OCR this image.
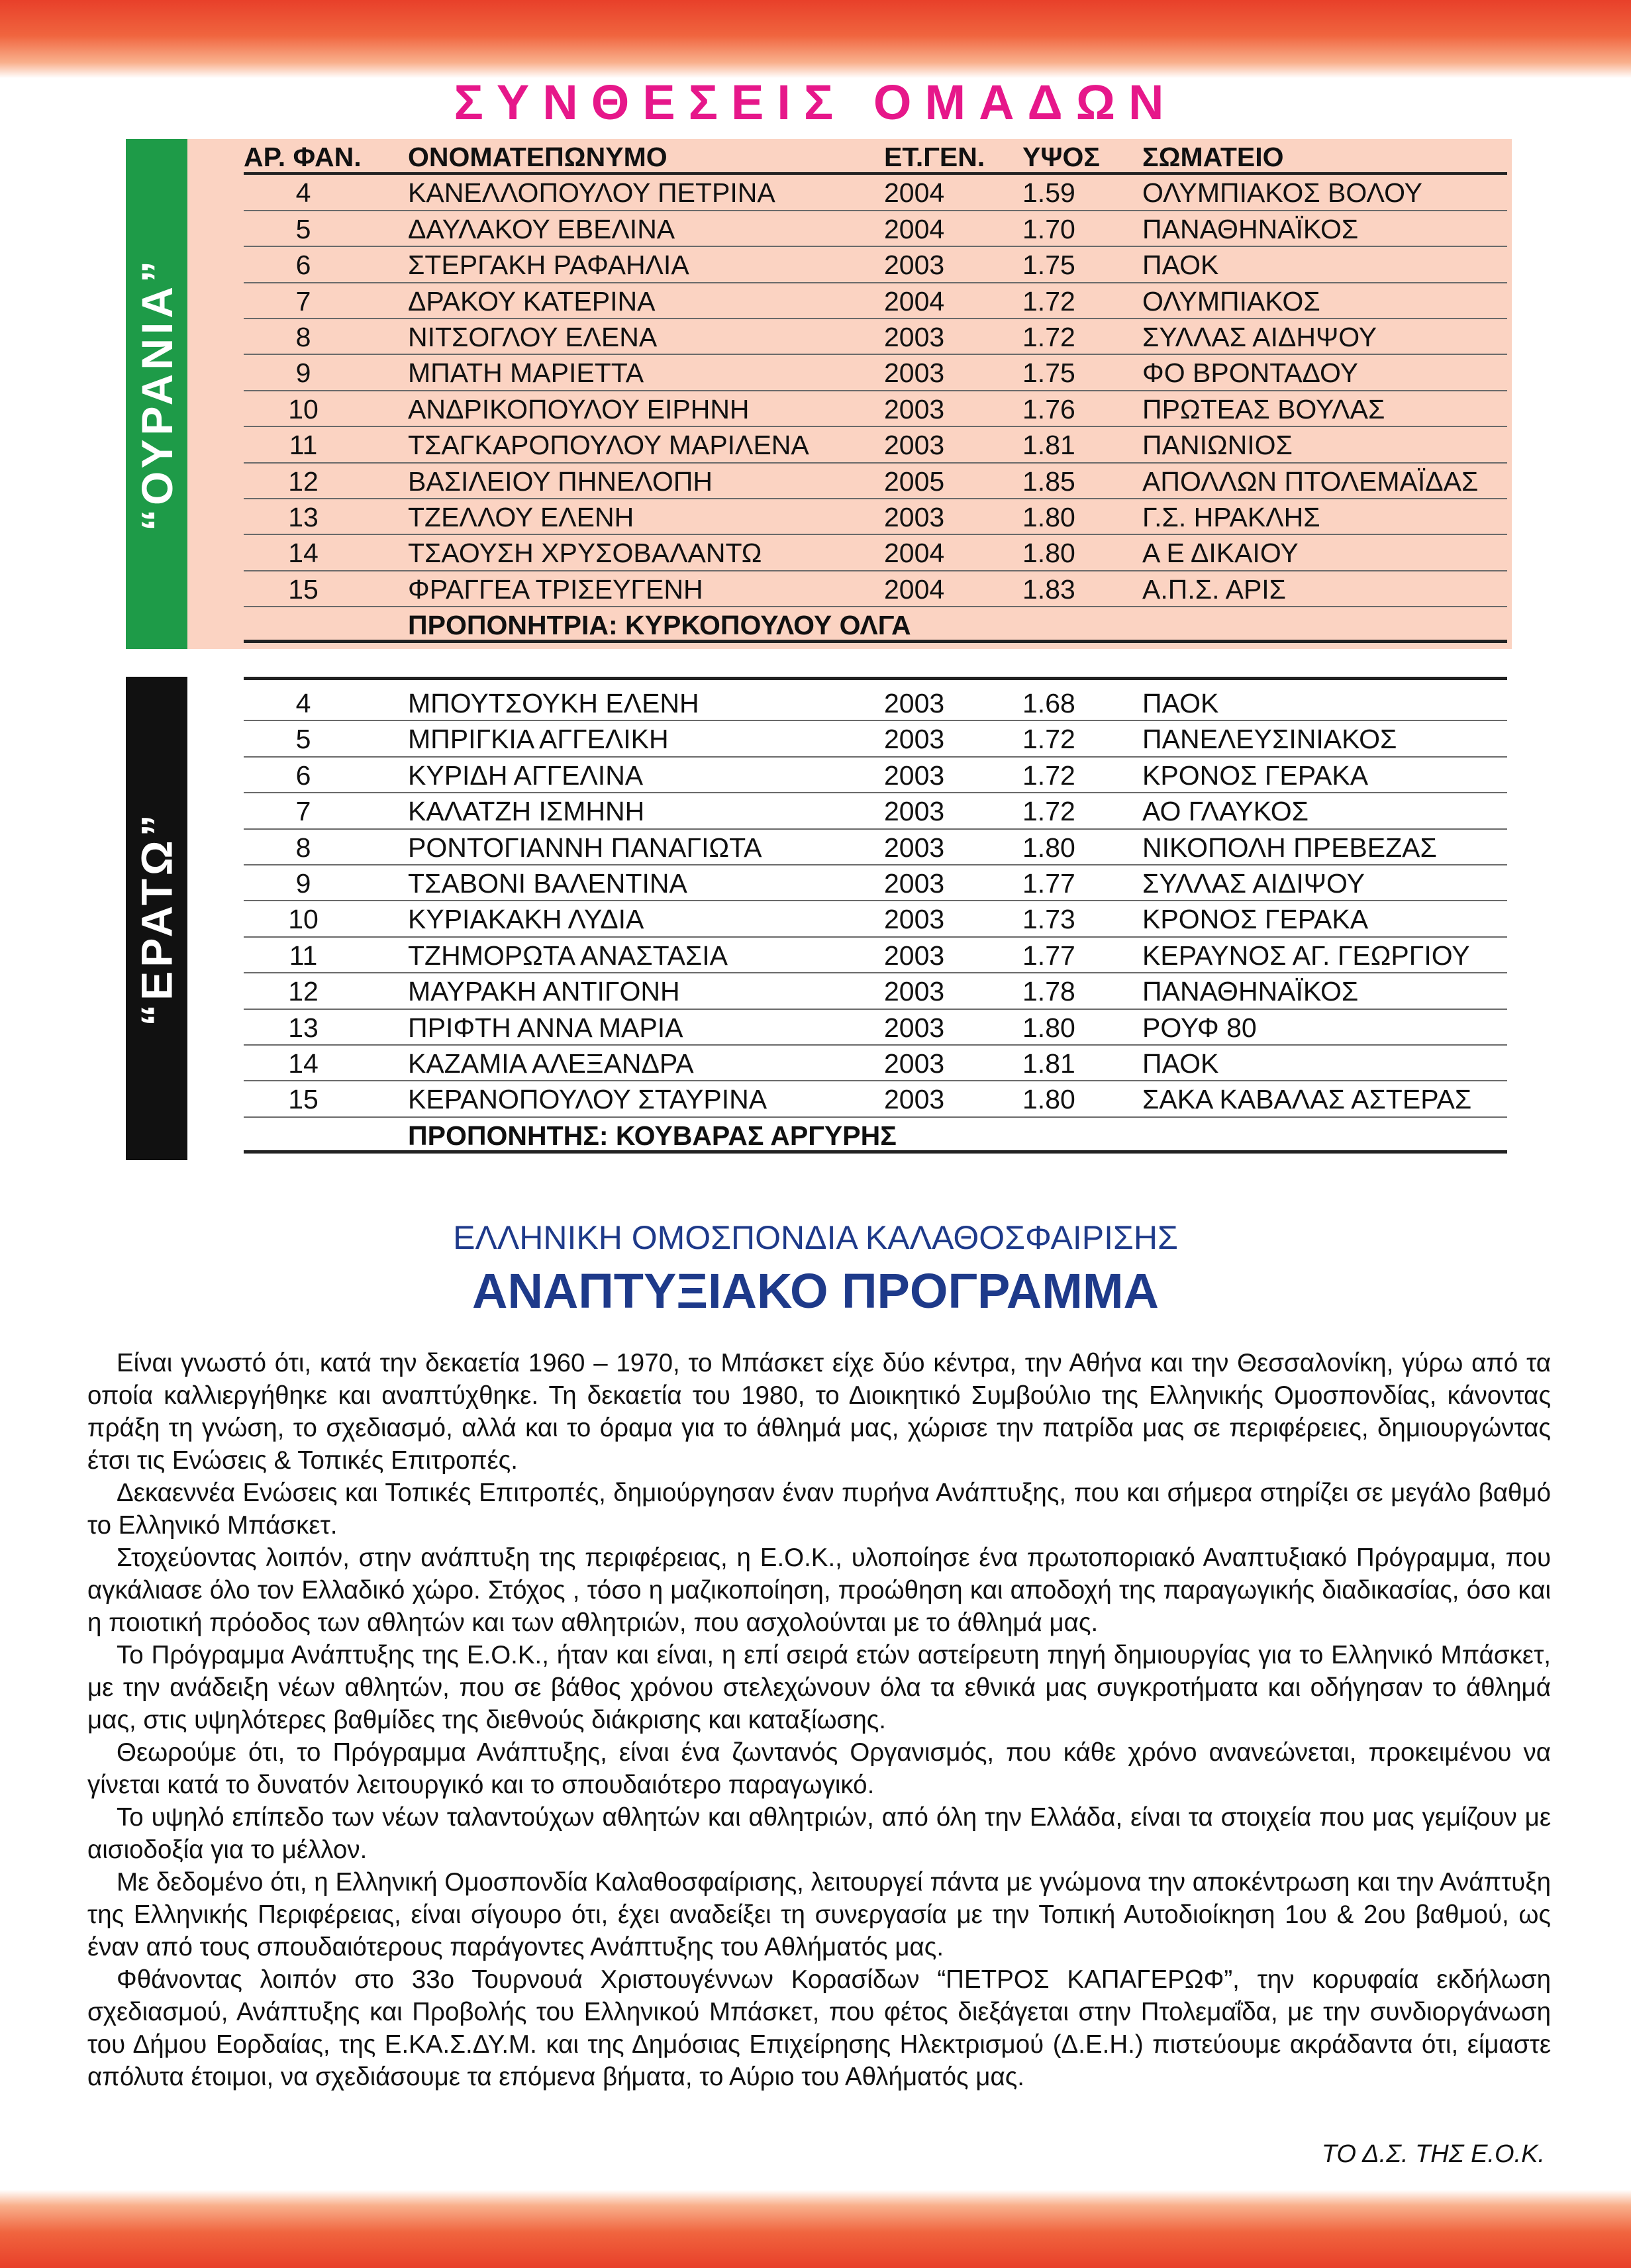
ΣΥΝΘΕΣΕΙΣ ΟΜΑΔΩΝ
“ΟΥΡΑΝΙΑ”
ΑΡ. ΦΑΝ. ΟΝΟΜΑΤΕΠΩΝΥΜΟ	ΕΤ.ΓΕΝ. ΥΨΟΣ ΣΩΜΑΤΕΙΟ
4	ΚΑΝΕΛΛΟΠΟΥΛΟΥ ΠΕΤΡΙΝΑ	2004	1.59 ΟΛΥΜΠΙΑΚΟΣ ΒΟΛΟΥ
5	ΔΑΥΛΑΚΟΥ ΕΒΕΛΙΝΑ	2004	1.70 ΠΑΝΑΘΗΝΑΪΚΟΣ
6	ΣΤΕΡΓΑΚΗ ΡΑΦΑΗΛΙΑ	2003	1.75 ΠΑΟΚ
7	ΔΡΑΚΟΥ ΚΑΤΕΡΙΝΑ	2004	1.72 ΟΛΥΜΠΙΑΚΟΣ
8	ΝΙΤΣΟΓΛΟΥ ΕΛΕΝΑ	2003	1.72 ΣΥΛΛΑΣ ΑΙΔΗΨΟΥ
9	ΜΠΑΤΗ ΜΑΡΙΕΤΤΑ	2003	1.75 ΦΟ ΒΡΟΝΤΑΔΟΥ
10	ΑΝΔΡΙΚΟΠΟΥΛΟΥ ΕΙΡΗΝΗ	2003	1.76 ΠΡΩΤΕΑΣ ΒΟΥΛΑΣ
11	ΤΣΑΓΚΑΡΟΠΟΥΛΟΥ ΜΑΡΙΛΕΝΑ	2003	1.81 ΠΑΝΙΩΝΙΟΣ
12	ΒΑΣΙΛΕΙΟΥ ΠΗΝΕΛΟΠΗ	2005	1.85 ΑΠΟΛΛΩΝ ΠΤΟΛΕΜΑΪΔΑΣ
13	ΤΖΕΛΛΟΥ ΕΛΕΝΗ	2003	1.80 Γ.Σ. ΗΡΑΚΛΗΣ
14	ΤΣΑΟΥΣΗ ΧΡΥΣΟΒΑΛΑΝΤΩ	2004	1.80 Α Ε ΔΙΚΑΙΟΥ
15	ΦΡΑΓΓΕΑ ΤΡΙΣΕΥΓΕΝΗ	2004	1.83 Α.Π.Σ. ΑΡΙΣ
ΠΡΟΠΟΝΗΤΡΙΑ: ΚΥΡΚΟΠΟΥΛΟΥ ΟΛΓΑ
“ΕΡΑΤΩ”
4	ΜΠΟΥΤΣΟΥΚΗ ΕΛΕΝΗ	2003	1.68 ΠΑΟΚ
5	ΜΠΡΙΓΚΙΑ ΑΓΓΕΛΙΚΗ	2003	1.72 ΠΑΝΕΛΕΥΣΙΝΙΑΚΟΣ
6	ΚΥΡΙΔΗ ΑΓΓΕΛΙΝΑ	2003	1.72 ΚΡΟΝΟΣ ΓΕΡΑΚΑ
7	ΚΑΛΑΤΖΗ ΙΣΜΗΝΗ	2003	1.72 ΑΟ ΓΛΑΥΚΟΣ
8	ΡΟΝΤΟΓΙΑΝΝΗ ΠΑΝΑΓΙΩΤΑ	2003	1.80 ΝΙΚΟΠΟΛΗ ΠΡΕΒΕΖΑΣ
9	ΤΣΑΒΟΝΙ ΒΑΛΕΝΤΙΝΑ	2003	1.77 ΣΥΛΛΑΣ ΑΙΔΙΨΟΥ
10	ΚΥΡΙΑΚΑΚΗ ΛΥΔΙΑ	2003	1.73 ΚΡΟΝΟΣ ΓΕΡΑΚΑ
11	ΤΖΗΜΟΡΩΤΑ ΑΝΑΣΤΑΣΙΑ	2003	1.77 ΚΕΡΑΥΝΟΣ ΑΓ. ΓΕΩΡΓΙΟΥ
12	ΜΑΥΡΑΚΗ ΑΝΤΙΓΟΝΗ	2003	1.78 ΠΑΝΑΘΗΝΑΪΚΟΣ
13	ΠΡΙΦΤΗ ΑΝΝΑ ΜΑΡΙΑ	2003	1.80 ΡΟΥΦ 80
14	ΚΑΖΑΜΙΑ ΑΛΕΞΑΝΔΡΑ	2003	1.81 ΠΑΟΚ
15	ΚΕΡΑΝΟΠΟΥΛΟΥ ΣΤΑΥΡΙΝΑ	2003	1.80 ΣΑΚΑ ΚΑΒΑΛΑΣ ΑΣΤΕΡΑΣ
ΠΡΟΠΟΝΗΤΗΣ: ΚΟΥΒΑΡΑΣ ΑΡΓΥΡΗΣ
ΕΛΛΗΝΙΚΗ ΟΜΟΣΠΟΝΔΙΑ ΚΑΛΑΘΟΣΦΑΙΡΙΣΗΣ
ΑΝΑΠΤΥΞΙΑΚΟ ΠΡΟΓΡΑΜΜΑ

Είναι γνωστό ότι, κατά την δεκαετία 1960 – 1970, το Μπάσκετ είχε δύο κέντρα, την Αθήνα και την Θεσσαλονίκη, γύρω από τα οποία καλλιεργήθηκε και αναπτύχθηκε. Τη δεκαετία του 1980, το Διοικητικό Συμβούλιο της Ελληνικής Ομοσπονδίας, κάνοντας πράξη τη γνώση, το σχεδιασμό, αλλά και το όραμα για το άθλημά μας, χώρισε την πατρίδα μας σε περιφέρειες, δημιουργώντας έτσι τις Ενώσεις & Τοπικές Επιτροπές.

Δεκαεννέα Ενώσεις και Τοπικές Επιτροπές, δημιούργησαν έναν πυρήνα Ανάπτυξης, που και σήμερα στηρίζει σε μεγάλο βαθμό το Ελληνικό Μπάσκετ.

Στοχεύοντας λοιπόν, στην ανάπτυξη της περιφέρειας, η Ε.Ο.Κ., υλοποίησε ένα πρωτοποριακό Αναπτυξιακό Πρόγραμμα, που αγκάλιασε όλο τον Ελλαδικό χώρο. Στόχος , τόσο η μαζικοποίηση, προώθηση και αποδοχή της παραγωγικής διαδικασίας, όσο και η ποιοτική πρόοδος των αθλητών και των αθλητριών, που ασχολούνται με το άθλημά μας.

Το Πρόγραμμα Ανάπτυξης της Ε.Ο.Κ., ήταν και είναι, η επί σειρά ετών αστείρευτη πηγή δημιουργίας για το Ελληνικό Μπάσκετ, με την ανάδειξη νέων αθλητών, που σε βάθος χρόνου στελεχώνουν όλα τα εθνικά μας συγκροτήματα και οδήγησαν το άθλημά μας, στις υψηλότερες βαθμίδες της διεθνούς διάκρισης και καταξίωσης.

Θεωρούμε ότι, το Πρόγραμμα Ανάπτυξης, είναι ένα ζωντανός Οργανισμός, που κάθε χρόνο ανανεώνεται, προκειμένου να γίνεται κατά το δυνατόν λειτουργικό και το σπουδαιότερο παραγωγικό.

Το υψηλό επίπεδο των νέων ταλαντούχων αθλητών και αθλητριών, από όλη την Ελλάδα, είναι τα στοιχεία που μας γεμίζουν με αισιοδοξία για το μέλλον.

Με δεδομένο ότι, η Ελληνική Ομοσπονδία Καλαθοσφαίρισης, λειτουργεί πάντα με γνώμονα την αποκέντρωση και την Ανάπτυξη της Ελληνικής Περιφέρειας, είναι σίγουρο ότι, έχει αναδείξει τη συνεργασία με την Τοπική Αυτοδιοίκηση 1ου & 2ου βαθμού, ως έναν από τους σπουδαιότερους παράγοντες Ανάπτυξης του Αθλήματός μας.

Φθάνοντας λοιπόν στο 33ο Τουρνουά Χριστουγέννων Κορασίδων “ΠΕΤΡΟΣ ΚΑΠΑΓΕΡΩΦ”, την κορυφαία εκδήλωση σχεδιασμού, Ανάπτυξης και Προβολής του Ελληνικού Μπάσκετ, που φέτος διεξάγεται στην Πτολεμαΐδα, με την συνδιοργάνωση του Δήμου Εορδαίας, της Ε.ΚΑ.Σ.ΔΥ.Μ. και της Δημόσιας Επιχείρησης Ηλεκτρισμού (Δ.Ε.Η.) πιστεύουμε ακράδαντα ότι, είμαστε απόλυτα έτοιμοι, να σχεδιάσουμε τα επόμενα βήματα, το Αύριο του Αθλήματός μας.

ΤΟ Δ.Σ. ΤΗΣ Ε.Ο.Κ.
